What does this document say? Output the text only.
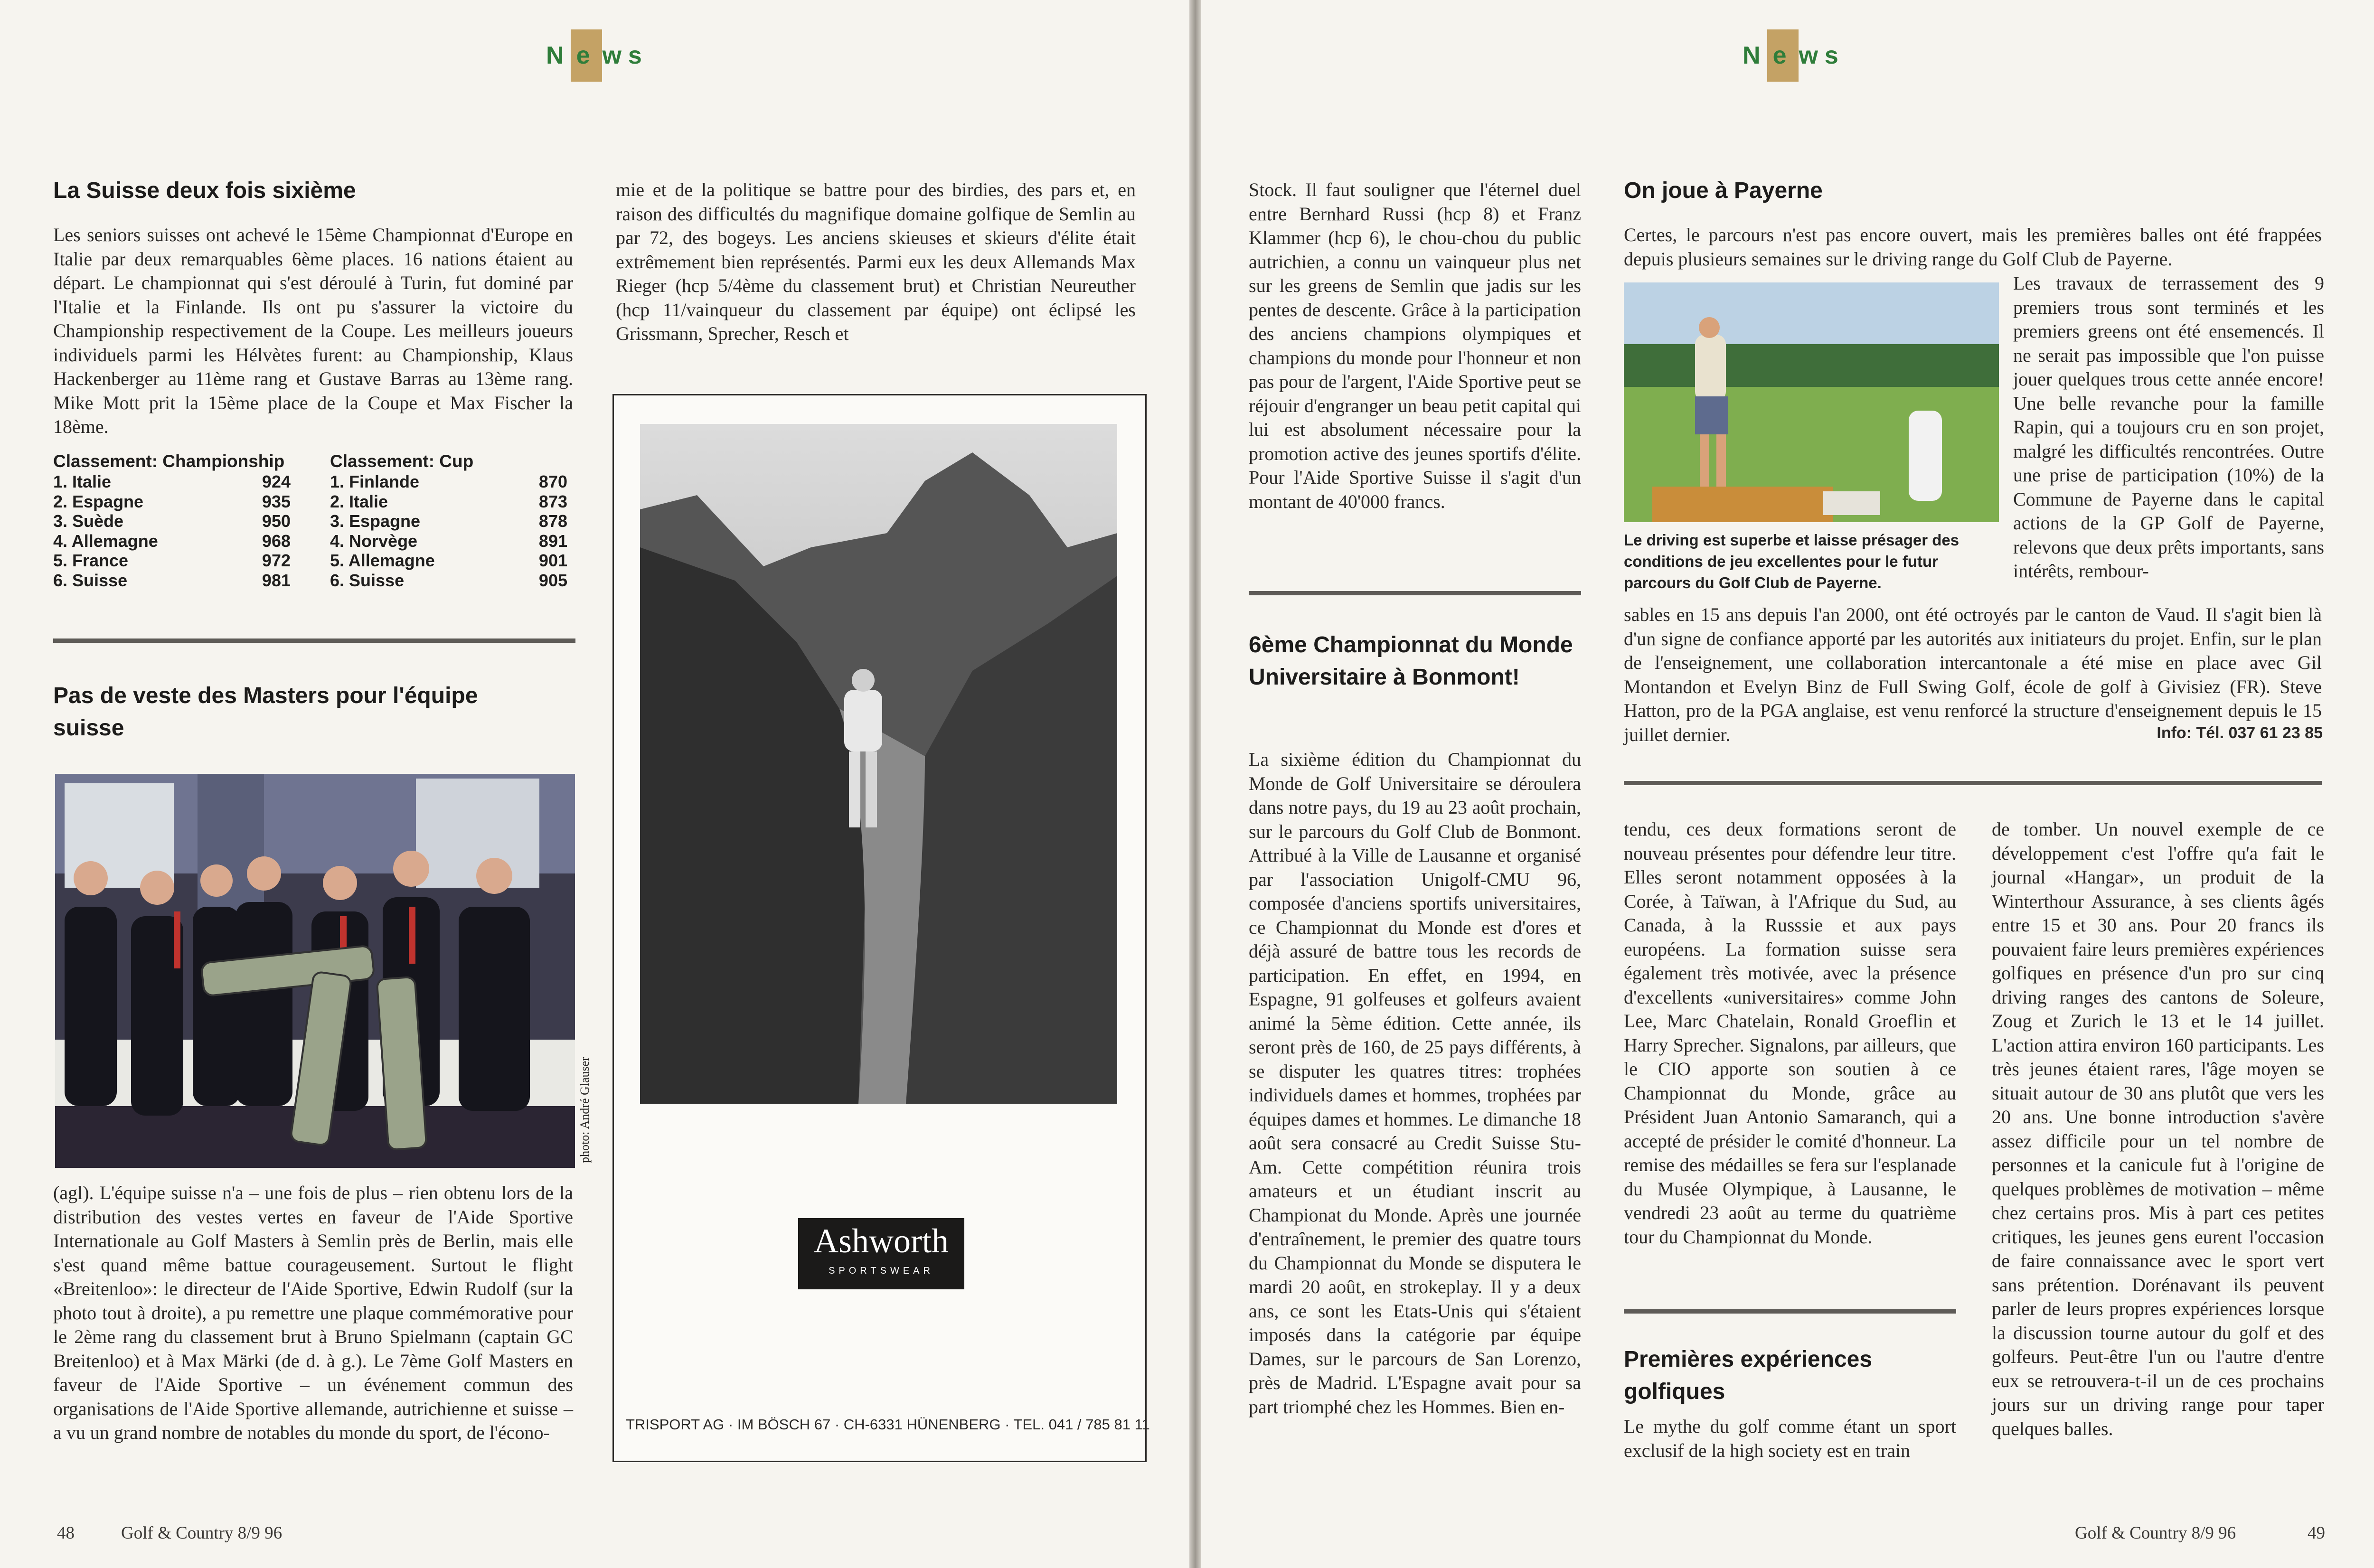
N e ws
La Suisse deux fois sixième

Les seniors suisses ont achevé le 15ème Championnat d'Europe en Italie par deux remarquables 6ème places. 16 nations étaient au départ. Le championnat qui s'est déroulé à Turin, fut dominé par l'Italie et la Finlande. Ils ont pu s'assurer la victoire du Championship respectivement de la Coupe. Les meilleurs joueurs individuels parmi les Hélvètes furent: au Championship, Klaus Hackenberger au 11ème rang et Gustave Barras au 13ème rang. Mike Mott prit la 15ème place de la Coupe et Max Fischer la 18ème.

Classement: Championship	
1. Italie	924
2. Espagne	935
3. Suède	950
4. Allemagne	968
5. France	972
6. Suisse	981
Classement: Cup	
1. Finlande	870
2. Italie	873
3. Espagne	878
4. Norvège	891
5. Allemagne	901
6. Suisse	905
Pas de veste des Masters pour l'équipe suisse
photo: André Glauser

(agl). L'équipe suisse n'a – une fois de plus – rien obtenu lors de la distribution des vestes vertes en faveur de l'Aide Sportive Internationale au Golf Masters à Semlin près de Berlin, mais elle s'est quand même battue courageusement. Surtout le flight «Breitenloo»: le directeur de l'Aide Sportive, Edwin Rudolf (sur la photo tout à droite), a pu remettre une plaque commémorative pour le 2ème rang du classement brut à Bruno Spielmann (captain GC Breitenloo) et à Max Märki (de d. à g.). Le 7ème Golf Masters en faveur de l'Aide Sportive – un événement commun des organisations de l'Aide Sportive allemande, autrichienne et suisse – a vu un grand nombre de notables du monde du sport, de l'écono-

mie et de la politique se battre pour des birdies, des pars et, en raison des difficultés du magnifique domaine golfique de Semlin au par 72, des bogeys. Les anciens skieuses et skieurs d'élite était extrêmement bien représentés. Parmi eux les deux Allemands Max Rieger (hcp 5/4ème du classement brut) et Christian Neureuther (hcp 11/vainqueur du classement par équipe) ont éclipsé les Grissmann, Sprecher, Resch et

Ashworth
SPORTSWEAR
TRISPORT AG · IM BÖSCH 67 · CH-6331 HÜNENBERG · TEL. 041 / 785 81 11
48	Golf & Country 8/9 96
N e ws

Stock. Il faut souligner que l'éternel duel entre Bernhard Russi (hcp 8) et Franz Klammer (hcp 6), le chou-chou du public autrichien, a connu un vainqueur plus net sur les greens de Semlin que jadis sur les pentes de descente. Grâce à la participation des anciens champions olympiques et champions du monde pour l'honneur et non pas pour de l'argent, l'Aide Sportive peut se réjouir d'engranger un beau petit capital qui lui est absolument nécessaire pour la promotion active des jeunes sportifs d'élite. Pour l'Aide Sportive Suisse il s'agit d'un montant de 40'000 francs.

6ème Championnat du Monde Universitaire à Bonmont!

La sixième édition du Championnat du Monde de Golf Universitaire se déroulera dans notre pays, du 19 au 23 août prochain, sur le parcours du Golf Club de Bonmont. Attribué à la Ville de Lausanne et organisé par l'association Unigolf-CMU 96, composée d'anciens sportifs universitaires, ce Championnat du Monde est d'ores et déjà assuré de battre tous les records de participation. En effet, en 1994, en Espagne, 91 golfeuses et golfeurs avaient animé la 5ème édition. Cette année, ils seront près de 160, de 25 pays différents, à se disputer les quatres titres: trophées individuels dames et hommes, trophées par équipes dames et hommes. Le dimanche 18 août sera consacré au Credit Suisse Stu-Am. Cette compétition réunira trois amateurs et un étudiant inscrit au Championat du Monde. Après une journée d'entraînement, le premier des quatre tours du Championnat du Monde se disputera le mardi 20 août, en strokeplay. Il y a deux ans, ce sont les Etats-Unis qui s'étaient imposés dans la catégorie par équipe Dames, sur le parcours de San Lorenzo, près de Madrid. L'Espagne avait pour sa part triomphé chez les Hommes. Bien en-

On joue à Payerne

Certes, le parcours n'est pas encore ouvert, mais les premières balles ont été frappées depuis plusieurs semaines sur le driving range du Golf Club de Payerne.

Le driving est superbe et laisse présager des conditions de jeu excellentes pour le futur parcours du Golf Club de Payerne.

Les travaux de terrassement des 9 premiers trous sont terminés et les premiers greens ont été ensemencés. Il ne serait pas impossible que l'on puisse jouer quelques trous cette année encore! Une belle revanche pour la famille Rapin, qui a toujours cru en son projet, malgré les difficultés rencontrées. Outre une prise de participation (10%) de la Commune de Payerne dans le capital actions de la GP Golf de Payerne, relevons que deux prêts importants, sans intérêts, rembour-

sables en 15 ans depuis l'an 2000, ont été octroyés par le canton de Vaud. Il s'agit bien là d'un signe de confiance apporté par les autorités aux initiateurs du projet. Enfin, sur le plan de l'enseignement, une collaboration intercantonale a été mise en place avec Gil Montandon et Evelyn Binz de Full Swing Golf, école de golf à Givisiez (FR). Steve Hatton, pro de la PGA anglaise, est venu renforcé la structure d'enseignement depuis le 15 juillet dernier.	Info: Tél. 037 61 23 85

tendu, ces deux formations seront de nouveau présentes pour défendre leur titre. Elles seront notamment opposées à la Corée, à Taïwan, à l'Afrique du Sud, au Canada, à la Russsie et aux pays européens. La formation suisse sera également très motivée, avec la présence d'excellents «universitaires» comme John Lee, Marc Chatelain, Ronald Groeflin et Harry Sprecher. Signalons, par ailleurs, que le CIO apporte son soutien à ce Championnat du Monde, grâce au Président Juan Antonio Samaranch, qui a accepté de présider le comité d'honneur. La remise des médailles se fera sur l'esplanade du Musée Olympique, à Lausanne, le vendredi 23 août au terme du quatrième tour du Championnat du Monde.

Premières expériences golfiques

Le mythe du golf comme étant un sport exclusif de la high society est en train

de tomber. Un nouvel exemple de ce développement c'est l'offre qu'a fait le journal «Hangar», un produit de la Winterthour Assurance, à ses clients âgés entre 15 et 30 ans. Pour 20 francs ils pouvaient faire leurs premières expériences golfiques en présence d'un pro sur cinq driving ranges des cantons de Soleure, Zoug et Zurich le 13 et le 14 juillet. L'action attira environ 160 participants. Les très jeunes étaient rares, l'âge moyen se situait autour de 30 ans plutôt que vers les 20 ans. Une bonne introduction s'avère assez difficile pour un tel nombre de personnes et la canicule fut à l'origine de quelques problèmes de motivation – même chez certains pros. Mis à part ces petites critiques, les jeunes gens eurent l'occasion de faire connaissance avec le sport vert sans prétention. Dorénavant ils peuvent parler de leurs propres expériences lorsque la discussion tourne autour du golf et des golfeurs. Peut-être l'un ou l'autre d'entre eux se retrouvera-t-il un de ces prochains jours sur un driving range pour taper quelques balles.

Golf & Country 8/9 96	49
